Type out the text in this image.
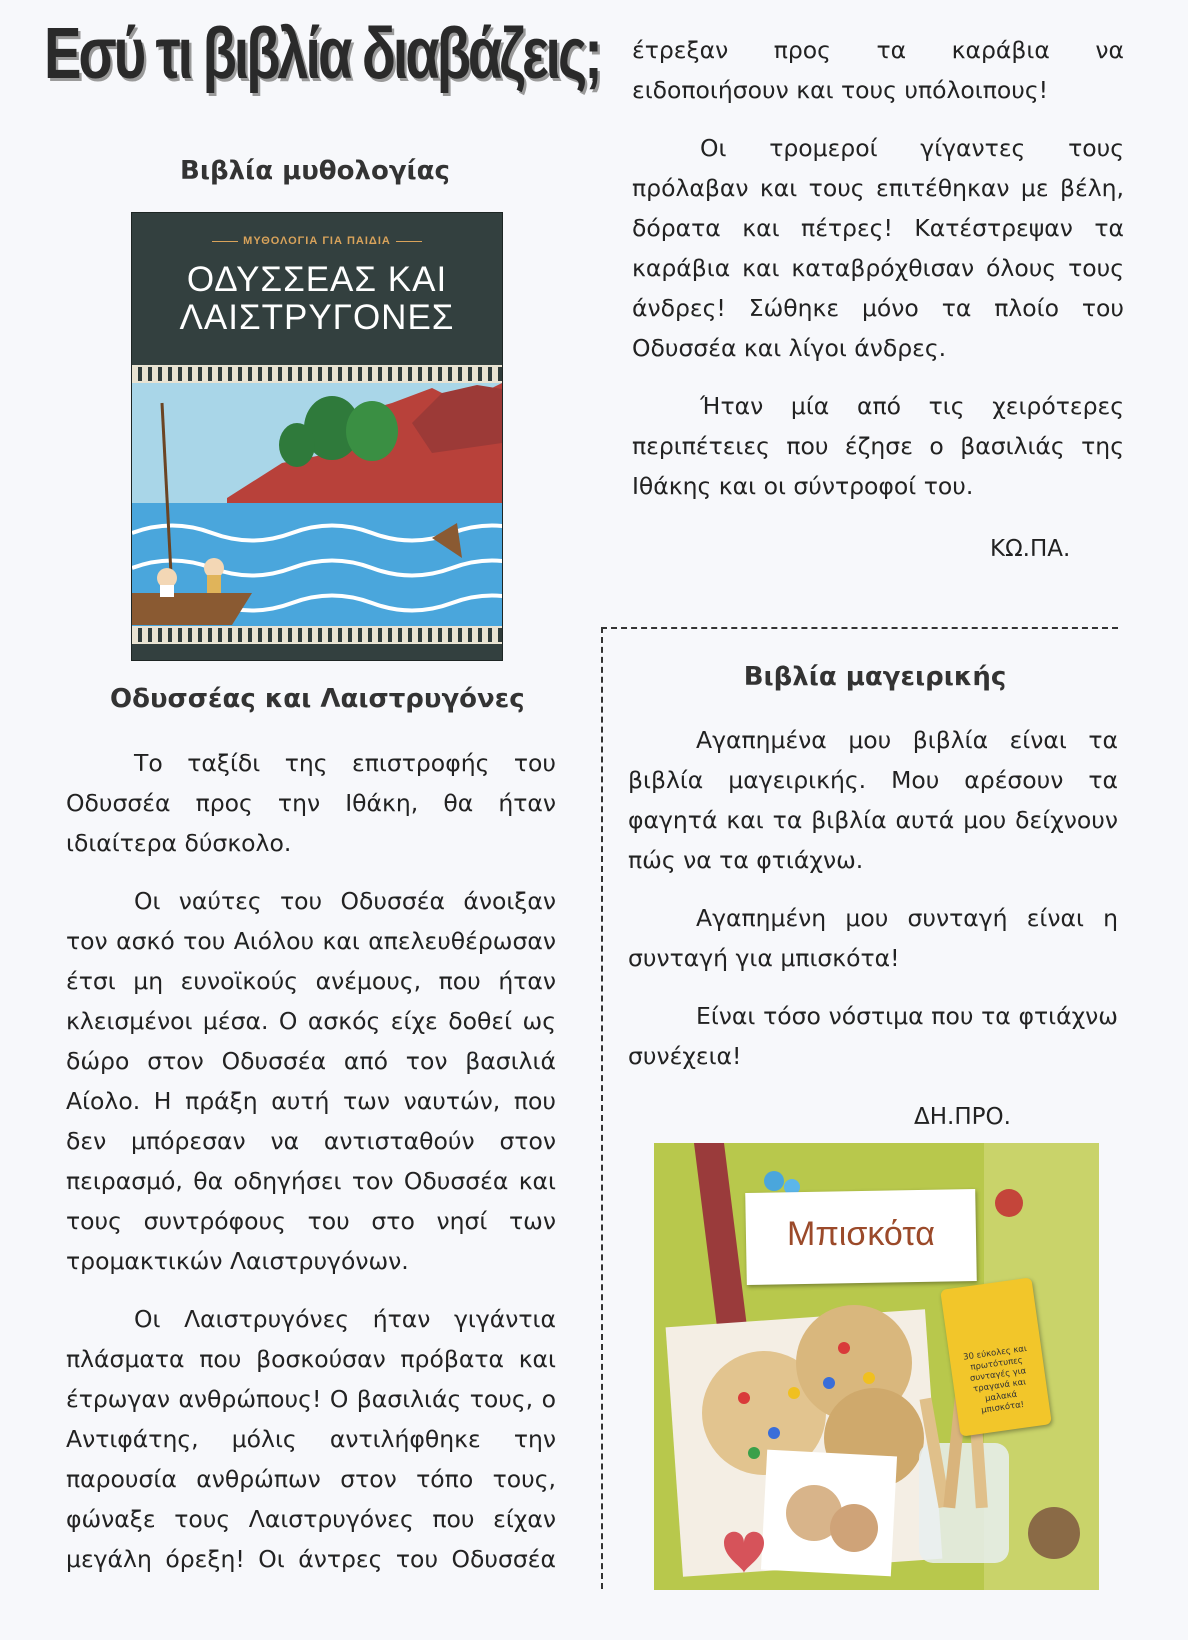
Εσύ τι βιβλία διαβάζεις;
Βιβλία μυθολογίας
ΜΥΘΟΛΟΓΙΑ ΓΙΑ ΠΑΙΔΙΑ
ΟΔΥΣΣΕΑΣ ΚΑΙ
ΛΑΙΣΤΡΥΓΟΝΕΣ
Οδυσσέας και Λαιστρυγόνες

Το ταξίδι της επιστροφής του Οδυσσέα προς την Ιθάκη, θα ήταν ιδιαίτερα δύσκολο.

Οι ναύτες του Οδυσσέα άνοιξαν τον ασκό του Αιόλου και απελευθέρωσαν έτσι μη ευνοϊκούς ανέμους, που ήταν κλεισμένοι μέσα. Ο ασκός είχε δοθεί ως δώρο στον Οδυσσέα από τον βασιλιά Αίολο. Η πράξη αυτή των ναυτών, που δεν μπόρεσαν να αντισταθούν στον πειρασμό, θα οδηγήσει τον Οδυσσέα και τους συντρόφους του στο νησί των τρομακτικών Λαιστρυγόνων.

Οι Λαιστρυγόνες ήταν γιγάντια πλάσματα που βοσκούσαν πρόβατα και έτρωγαν ανθρώπους! Ο βασιλιάς τους, ο Αντιφάτης, μόλις αντιλήφθηκε την παρουσία ανθρώπων στον τόπο τους, φώναξε τους Λαιστρυγόνες που είχαν μεγάλη όρεξη! Οι άντρες του Οδυσσέα

έτρεξαν προς τα καράβια να ειδοποιήσουν και τους υπόλοιπους!

Οι τρομεροί γίγαντες τους πρόλαβαν και τους επιτέθηκαν με βέλη, δόρατα και πέτρες! Κατέστρεψαν τα καράβια και καταβρόχθισαν όλους τους άνδρες! Σώθηκε μόνο τα πλοίο του Οδυσσέα και λίγοι άνδρες.

Ήταν μία από τις χειρότερες περιπέτειες που έζησε ο βασιλιάς της Ιθάκης και οι σύντροφοί του.

ΚΩ.ΠΑ.
Βιβλία μαγειρικής

Αγαπημένα μου βιβλία είναι τα βιβλία μαγειρικής. Μου αρέσουν τα φαγητά και τα βιβλία αυτά μου δείχνουν πώς να τα φτιάχνω.

Αγαπημένη μου συνταγή είναι η συνταγή για μπισκότα!

Είναι τόσο νόστιμα που τα φτιάχνω συνέχεια!

ΔΗ.ΠΡΟ.
Μπισκότα
30 εύκολες και πρωτότυπες συνταγές για τραγανά και μαλακά μπισκότα!
